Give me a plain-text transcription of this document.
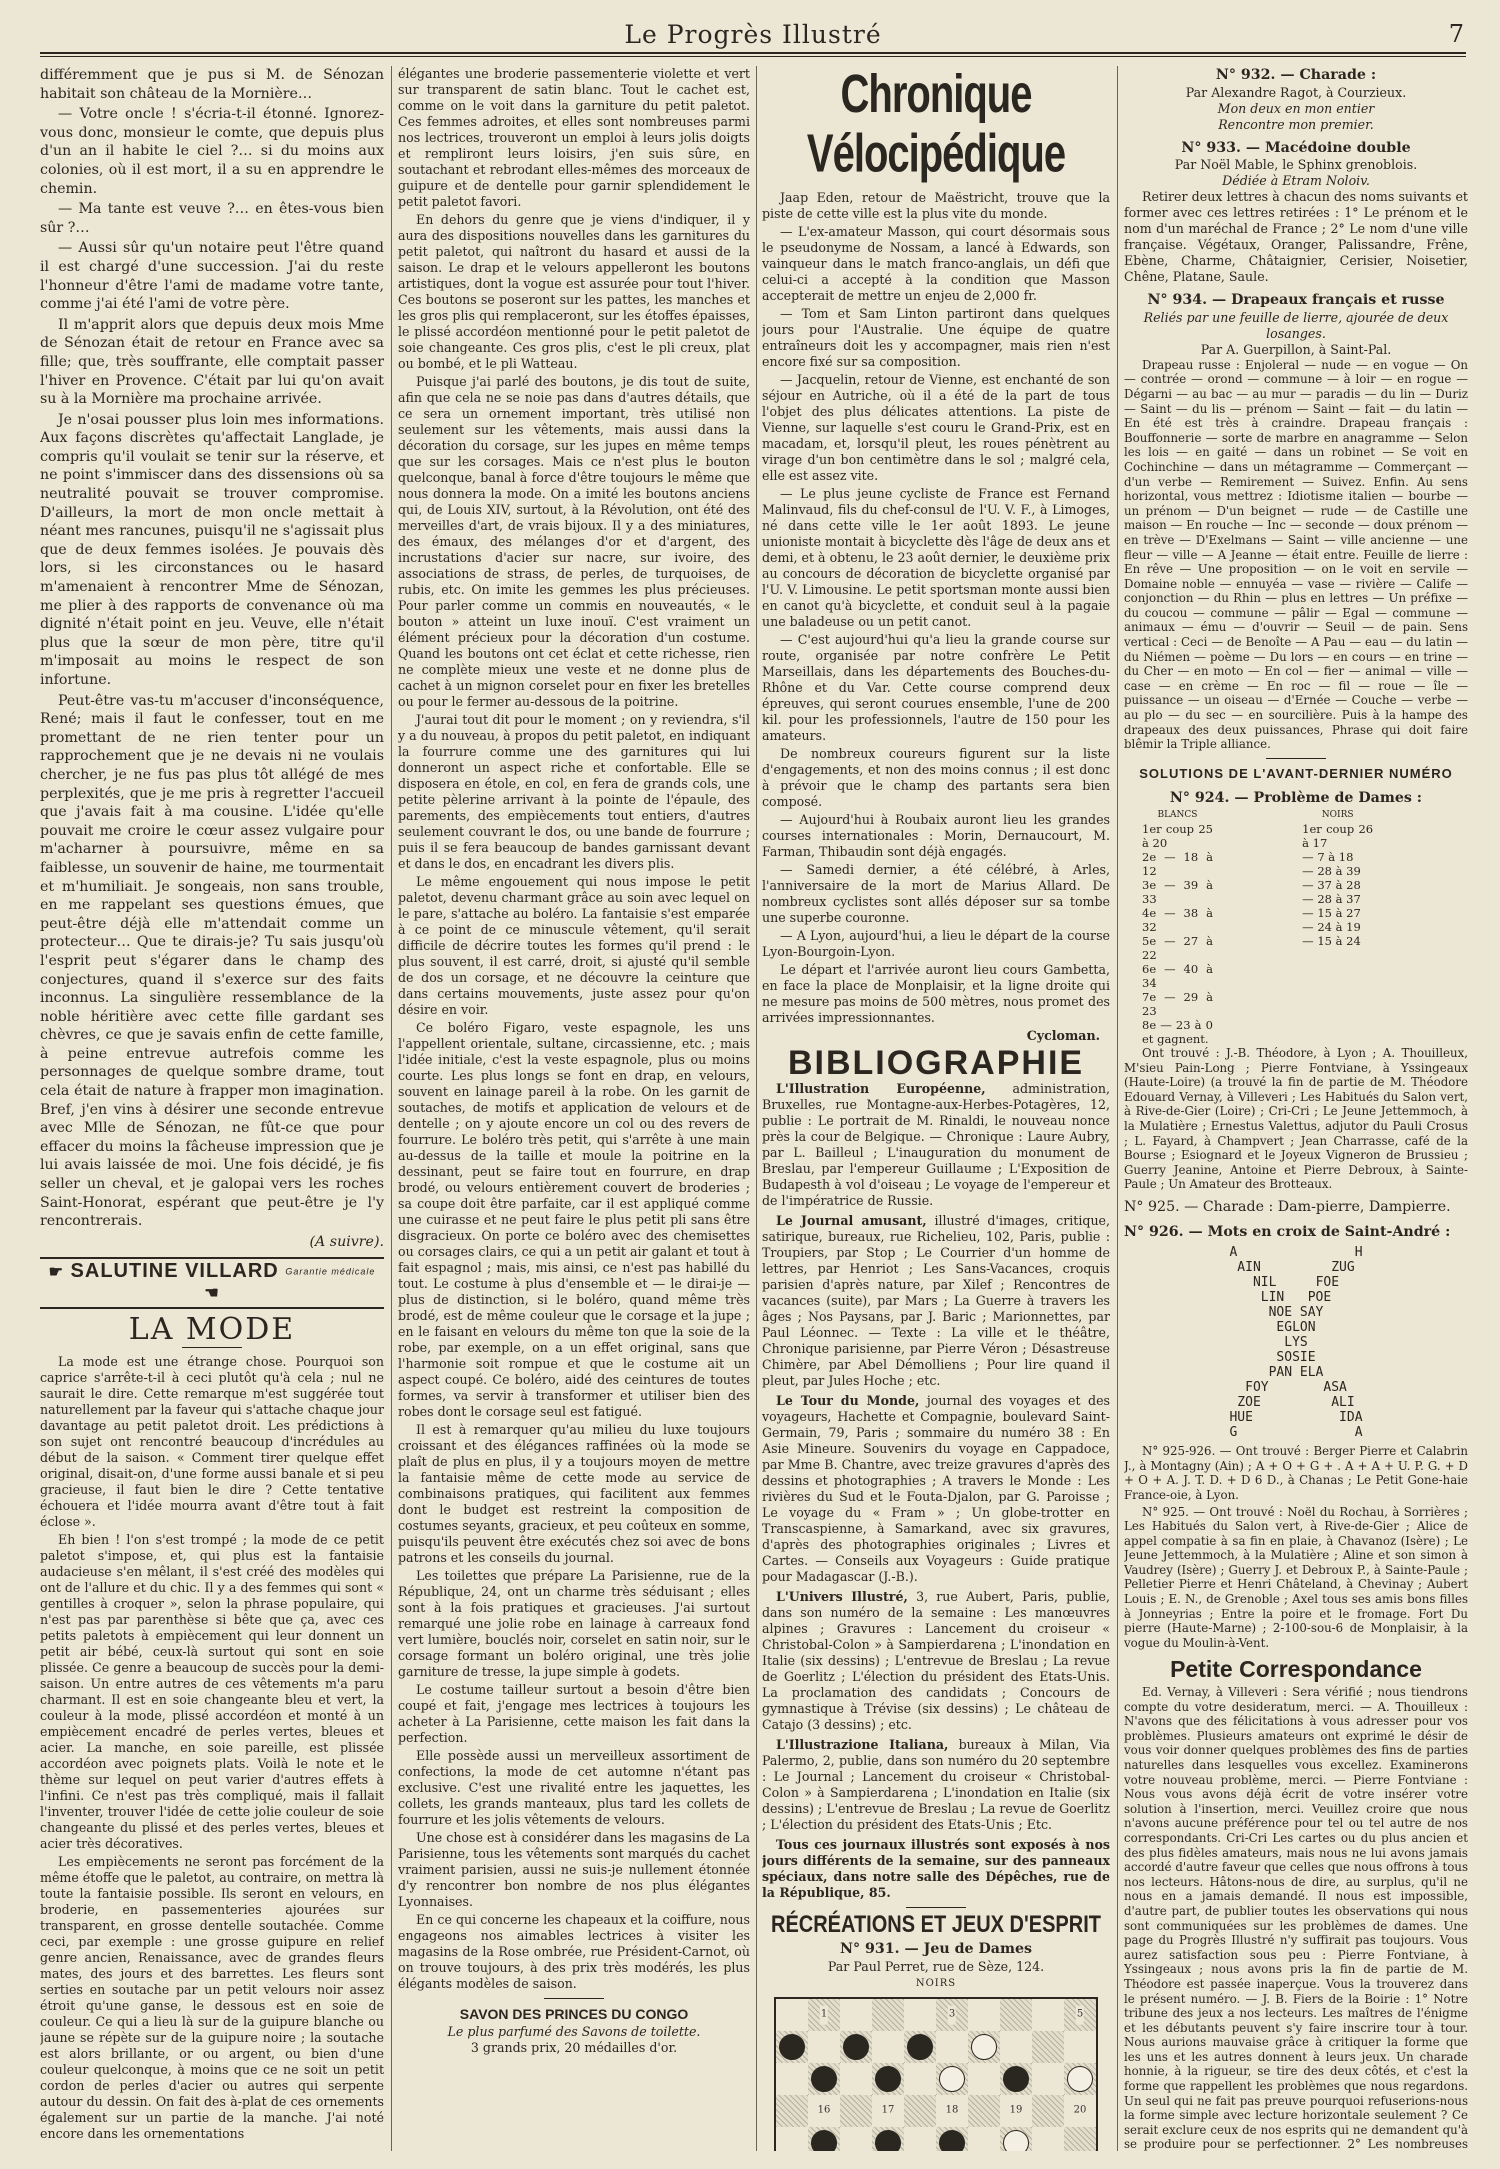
Le Progrès Illustré	7

différemment que je pus si M. de Sénozan habitait son château de la Mornière…

— Votre oncle ! s'écria-t-il étonné. Ignorez-vous donc, monsieur le comte, que depuis plus d'un an il habite le ciel ?… si du moins aux colonies, où il est mort, il a su en apprendre le chemin.

— Ma tante est veuve ?… en êtes-vous bien sûr ?…

— Aussi sûr qu'un notaire peut l'être quand il est chargé d'une succession. J'ai du reste l'honneur d'être l'ami de madame votre tante, comme j'ai été l'ami de votre père.

Il m'apprit alors que depuis deux mois Mme de Sénozan était de retour en France avec sa fille; que, très souffrante, elle comptait passer l'hiver en Provence. C'était par lui qu'on avait su à la Mornière ma prochaine arrivée.

Je n'osai pousser plus loin mes informations. Aux façons discrètes qu'affectait Langlade, je compris qu'il voulait se tenir sur la réserve, et ne point s'immiscer dans des dissensions où sa neutralité pouvait se trouver compromise. D'ailleurs, la mort de mon oncle mettait à néant mes rancunes, puisqu'il ne s'agissait plus que de deux femmes isolées. Je pouvais dès lors, si les circonstances ou le hasard m'amenaient à rencontrer Mme de Sénozan, me plier à des rapports de convenance où ma dignité n'était point en jeu. Veuve, elle n'était plus que la sœur de mon père, titre qu'il m'imposait au moins le respect de son infortune.

Peut-être vas-tu m'accuser d'inconséquence, René; mais il faut le confesser, tout en me promettant de ne rien tenter pour un rapprochement que je ne devais ni ne voulais chercher, je ne fus pas plus tôt allégé de mes perplexités, que je me pris à regretter l'accueil que j'avais fait à ma cousine. L'idée qu'elle pouvait me croire le cœur assez vulgaire pour m'acharner à poursuivre, même en sa faiblesse, un souvenir de haine, me tourmentait et m'humiliait. Je songeais, non sans trouble, en me rappelant ses questions émues, que peut-être déjà elle m'attendait comme un protecteur… Que te dirais-je? Tu sais jusqu'où l'esprit peut s'égarer dans le champ des conjectures, quand il s'exerce sur des faits inconnus. La singulière ressemblance de la noble héritière avec cette fille gardant ses chèvres, ce que je savais enfin de cette famille, à peine entrevue autrefois comme les personnages de quelque sombre drame, tout cela était de nature à frapper mon imagination. Bref, j'en vins à désirer une seconde entrevue avec Mlle de Sénozan, ne fût-ce que pour effacer du moins la fâcheuse impression que je lui avais laissée de moi. Une fois décidé, je fis seller un cheval, et je galopai vers les roches Saint-Honorat, espérant que peut-être je l'y rencontrerais.

(A suivre).
☛ SALUTINE VILLARD Garantie médicale ☚
LA MODE

La mode est une étrange chose. Pourquoi son caprice s'arrête-t-il à ceci plutôt qu'à cela ; nul ne saurait le dire. Cette remarque m'est suggérée tout naturellement par la faveur qui s'attache chaque jour davantage au petit paletot droit. Les prédictions à son sujet ont rencontré beaucoup d'incrédules au début de la saison. « Comment tirer quelque effet original, disait-on, d'une forme aussi banale et si peu gracieuse, il faut bien le dire ? Cette tentative échouera et l'idée mourra avant d'être tout à fait éclose ».

Eh bien ! l'on s'est trompé ; la mode de ce petit paletot s'impose, et, qui plus est la fantaisie audacieuse s'en mêlant, il s'est créé des modèles qui ont de l'allure et du chic. Il y a des femmes qui sont « gentilles à croquer », selon la phrase populaire, qui n'est pas par parenthèse si bête que ça, avec ces petits paletots à empiècement qui leur donnent un petit air bébé, ceux-là surtout qui sont en soie plissée. Ce genre a beaucoup de succès pour la demi-saison. Un entre autres de ces vêtements m'a paru charmant. Il est en soie changeante bleu et vert, la couleur à la mode, plissé accordéon et monté à un empiècement encadré de perles vertes, bleues et acier. La manche, en soie pareille, est plissée accordéon avec poignets plats. Voilà le note et le thème sur lequel on peut varier d'autres effets à l'infini. Ce n'est pas très compliqué, mais il fallait l'inventer, trouver l'idée de cette jolie couleur de soie changeante du plissé et des perles vertes, bleues et acier très décoratives.

Les empiècements ne seront pas forcément de la même étoffe que le paletot, au contraire, on mettra là toute la fantaisie possible. Ils seront en velours, en broderie, en passementeries ajourées sur transparent, en grosse dentelle soutachée. Comme ceci, par exemple : une grosse guipure en relief genre ancien, Renaissance, avec de grandes fleurs mates, des jours et des barrettes. Les fleurs sont serties en soutache par un petit velours noir assez étroit qu'une ganse, le dessous est en soie de couleur. Ce qui a lieu là sur de la guipure blanche ou jaune se répète sur de la guipure noire ; la soutache est alors brillante, or ou argent, ou bien d'une couleur quelconque, à moins que ce ne soit un petit cordon de perles d'acier ou autres qui serpente autour du dessin. On fait des à-plat de ces ornements également sur un partie de la manche. J'ai noté encore dans les ornementations

élégantes une broderie passementerie violette et vert sur transparent de satin blanc. Tout le cachet est, comme on le voit dans la garniture du petit paletot. Ces femmes adroites, et elles sont nombreuses parmi nos lectrices, trouveront un emploi à leurs jolis doigts et rempliront leurs loisirs, j'en suis sûre, en soutachant et rebrodant elles-mêmes des morceaux de guipure et de dentelle pour garnir splendidement le petit paletot favori.

En dehors du genre que je viens d'indiquer, il y aura des dispositions nouvelles dans les garnitures du petit paletot, qui naîtront du hasard et aussi de la saison. Le drap et le velours appelleront les boutons artistiques, dont la vogue est assurée pour tout l'hiver. Ces boutons se poseront sur les pattes, les manches et les gros plis qui remplaceront, sur les étoffes épaisses, le plissé accordéon mentionné pour le petit paletot de soie changeante. Ces gros plis, c'est le pli creux, plat ou bombé, et le pli Watteau.

Puisque j'ai parlé des boutons, je dis tout de suite, afin que cela ne se noie pas dans d'autres détails, que ce sera un ornement important, très utilisé non seulement sur les vêtements, mais aussi dans la décoration du corsage, sur les jupes en même temps que sur les corsages. Mais ce n'est plus le bouton quelconque, banal à force d'être toujours le même que nous donnera la mode. On a imité les boutons anciens qui, de Louis XIV, surtout, à la Révolution, ont été des merveilles d'art, de vrais bijoux. Il y a des miniatures, des émaux, des mélanges d'or et d'argent, des incrustations d'acier sur nacre, sur ivoire, des associations de strass, de perles, de turquoises, de rubis, etc. On imite les gemmes les plus précieuses. Pour parler comme un commis en nouveautés, « le bouton » atteint un luxe inouï. C'est vraiment un élément précieux pour la décoration d'un costume. Quand les boutons ont cet éclat et cette richesse, rien ne complète mieux une veste et ne donne plus de cachet à un mignon corselet pour en fixer les bretelles ou pour le fermer au-dessous de la poitrine.

J'aurai tout dit pour le moment ; on y reviendra, s'il y a du nouveau, à propos du petit paletot, en indiquant la fourrure comme une des garnitures qui lui donneront un aspect riche et confortable. Elle se disposera en étole, en col, en fera de grands cols, une petite pèlerine arrivant à la pointe de l'épaule, des parements, des empiècements tout entiers, d'autres seulement couvrant le dos, ou une bande de fourrure ; puis il se fera beaucoup de bandes garnissant devant et dans le dos, en encadrant les divers plis.

Le même engouement qui nous impose le petit paletot, devenu charmant grâce au soin avec lequel on le pare, s'attache au boléro. La fantaisie s'est emparée à ce point de ce minuscule vêtement, qu'il serait difficile de décrire toutes les formes qu'il prend : le plus souvent, il est carré, droit, si ajusté qu'il semble de dos un corsage, et ne découvre la ceinture que dans certains mouvements, juste assez pour qu'on désire en voir.

Ce boléro Figaro, veste espagnole, les uns l'appellent orientale, sultane, circassienne, etc. ; mais l'idée initiale, c'est la veste espagnole, plus ou moins courte. Les plus longs se font en drap, en velours, souvent en lainage pareil à la robe. On les garnit de soutaches, de motifs et application de velours et de dentelle ; on y ajoute encore un col ou des revers de fourrure. Le boléro très petit, qui s'arrête à une main au-dessus de la taille et moule la poitrine en la dessinant, peut se faire tout en fourrure, en drap brodé, ou velours entièrement couvert de broderies ; sa coupe doit être parfaite, car il est appliqué comme une cuirasse et ne peut faire le plus petit pli sans être disgracieux. On porte ce boléro avec des chemisettes ou corsages clairs, ce qui a un petit air galant et tout à fait espagnol ; mais, mis ainsi, ce n'est pas habillé du tout. Le costume à plus d'ensemble et — le dirai-je — plus de distinction, si le boléro, quand même très brodé, est de même couleur que le corsage et la jupe ; en le faisant en velours du même ton que la soie de la robe, par exemple, on a un effet original, sans que l'harmonie soit rompue et que le costume ait un aspect coupé. Ce boléro, aidé des ceintures de toutes formes, va servir à transformer et utiliser bien des robes dont le corsage seul est fatigué.

Il est à remarquer qu'au milieu du luxe toujours croissant et des élégances raffinées où la mode se plaît de plus en plus, il y a toujours moyen de mettre la fantaisie même de cette mode au service de combinaisons pratiques, qui facilitent aux femmes dont le budget est restreint la composition de costumes seyants, gracieux, et peu coûteux en somme, puisqu'ils peuvent être exécutés chez soi avec de bons patrons et les conseils du journal.

Les toilettes que prépare La Parisienne, rue de la République, 24, ont un charme très séduisant ; elles sont à la fois pratiques et gracieuses. J'ai surtout remarqué une jolie robe en lainage à carreaux fond vert lumière, bouclés noir, corselet en satin noir, sur le corsage formant un boléro original, une très jolie garniture de tresse, la jupe simple à godets.

Le costume tailleur surtout a besoin d'être bien coupé et fait, j'engage mes lectrices à toujours les acheter à La Parisienne, cette maison les fait dans la perfection.

Elle possède aussi un merveilleux assortiment de confections, la mode de cet automne n'étant pas exclusive. C'est une rivalité entre les jaquettes, les collets, les grands manteaux, plus tard les collets de fourrure et les jolis vêtements de velours.

Une chose est à considérer dans les magasins de La Parisienne, tous les vêtements sont marqués du cachet vraiment parisien, aussi ne suis-je nullement étonnée d'y rencontrer bon nombre de nos plus élégantes Lyonnaises.

En ce qui concerne les chapeaux et la coiffure, nous engageons nos aimables lectrices à visiter les magasins de la Rose ombrée, rue Président-Carnot, où on trouve toujours, à des prix très modérés, les plus élégants modèles de saison.

SAVON DES PRINCES DU CONGO
Le plus parfumé des Savons de toilette.
3 grands prix, 20 médailles d'or.
Chronique Vélocipédique

Jaap Eden, retour de Maëstricht, trouve que la piste de cette ville est la plus vite du monde.

— L'ex-amateur Masson, qui court désormais sous le pseudonyme de Nossam, a lancé à Edwards, son vainqueur dans le match franco-anglais, un défi que celui-ci a accepté à la condition que Masson accepterait de mettre un enjeu de 2,000 fr.

— Tom et Sam Linton partiront dans quelques jours pour l'Australie. Une équipe de quatre entraîneurs doit les y accompagner, mais rien n'est encore fixé sur sa composition.

— Jacquelin, retour de Vienne, est enchanté de son séjour en Autriche, où il a été de la part de tous l'objet des plus délicates attentions. La piste de Vienne, sur laquelle s'est couru le Grand-Prix, est en macadam, et, lorsqu'il pleut, les roues pénètrent au virage d'un bon centimètre dans le sol ; malgré cela, elle est assez vite.

— Le plus jeune cycliste de France est Fernand Malinvaud, fils du chef-consul de l'U. V. F., à Limoges, né dans cette ville le 1er août 1893. Le jeune unioniste montait à bicyclette dès l'âge de deux ans et demi, et à obtenu, le 23 août dernier, le deuxième prix au concours de décoration de bicyclette organisé par l'U. V. Limousine. Le petit sportsman monte aussi bien en canot qu'à bicyclette, et conduit seul à la pagaie une baladeuse ou un petit canot.

— C'est aujourd'hui qu'a lieu la grande course sur route, organisée par notre confrère Le Petit Marseillais, dans les départements des Bouches-du-Rhône et du Var. Cette course comprend deux épreuves, qui seront courues ensemble, l'une de 200 kil. pour les professionnels, l'autre de 150 pour les amateurs.

De nombreux coureurs figurent sur la liste d'engagements, et non des moins connus ; il est donc à prévoir que le champ des partants sera bien composé.

— Aujourd'hui à Roubaix auront lieu les grandes courses internationales : Morin, Dernaucourt, M. Farman, Thibaudin sont déjà engagés.

— Samedi dernier, a été célébré, à Arles, l'anniversaire de la mort de Marius Allard. De nombreux cyclistes sont allés déposer sur sa tombe une superbe couronne.

— A Lyon, aujourd'hui, a lieu le départ de la course Lyon-Bourgoin-Lyon.

Le départ et l'arrivée auront lieu cours Gambetta, en face la place de Monplaisir, et la ligne droite qui ne mesure pas moins de 500 mètres, nous promet des arrivées impressionnantes.

Cycloman.
BIBLIOGRAPHIE
L'Illustration Européenne, administration, Bruxelles, rue Montagne-aux-Herbes-Potagères, 12, publie : Le portrait de M. Rinaldi, le nouveau nonce près la cour de Belgique. — Chronique : Laure Aubry, par L. Bailleul ; L'inauguration du monument de Breslau, par l'empereur Guillaume ; L'Exposition de Budapesth à vol d'oiseau ; Le voyage de l'empereur et de l'impératrice de Russie.
Le Journal amusant, illustré d'images, critique, satirique, bureaux, rue Richelieu, 102, Paris, publie : Troupiers, par Stop ; Le Courrier d'un homme de lettres, par Henriot ; Les Sans-Vacances, croquis parisien d'après nature, par Xilef ; Rencontres de vacances (suite), par Mars ; La Guerre à travers les âges ; Nos Paysans, par J. Baric ; Marionnettes, par Paul Léonnec. — Texte : La ville et le théâtre, Chronique parisienne, par Pierre Véron ; Désastreuse Chimère, par Abel Démolliens ; Pour lire quand il pleut, par Jules Hoche ; etc.
Le Tour du Monde, journal des voyages et des voyageurs, Hachette et Compagnie, boulevard Saint-Germain, 79, Paris ; sommaire du numéro 38 : En Asie Mineure. Souvenirs du voyage en Cappadoce, par Mme B. Chantre, avec treize gravures d'après des dessins et photographies ; A travers le Monde : Les rivières du Sud et le Fouta-Djalon, par G. Paroisse ; Le voyage du « Fram » ; Un globe-trotter en Transcaspienne, à Samarkand, avec six gravures, d'après des photographies originales ; Livres et Cartes. — Conseils aux Voyageurs : Guide pratique pour Madagascar (J.-B.).
L'Univers Illustré, 3, rue Aubert, Paris, publie, dans son numéro de la semaine : Les manœuvres alpines ; Gravures : Lancement du croiseur « Christobal-Colon » à Sampierdarena ; L'inondation en Italie (six dessins) ; L'entrevue de Breslau ; La revue de Goerlitz ; L'élection du président des Etats-Unis. La proclamation des candidats ; Concours de gymnastique à Trévise (six dessins) ; Le château de Catajo (3 dessins) ; etc.
L'Illustrazione Italiana, bureaux à Milan, Via Palermo, 2, publie, dans son numéro du 20 septembre : Le Journal ; Lancement du croiseur « Christobal-Colon » à Sampierdarena ; L'inondation en Italie (six dessins) ; L'entrevue de Breslau ; La revue de Goerlitz ; L'élection du président des Etats-Unis ; Etc.
Tous ces journaux illustrés sont exposés à nos jours différents de la semaine, sur des panneaux spéciaux, dans notre salle des Dépêches, rue de la République, 85.
RÉCRÉATIONS ET JEUX D'ESPRIT
N° 931. — Jeu de Dames
Par Paul Perret, rue de Sèze, 124.
NOIRS
1	3	5
16	17	18	19	20
N° 932. — Charade :
Par Alexandre Ragot, à Courzieux.
Mon deux en mon entier
Rencontre mon premier.
N° 933. — Macédoine double
Par Noël Mable, le Sphinx grenoblois.
Dédiée à Etram Noloiv.

Retirer deux lettres à chacun des noms suivants et former avec ces lettres retirées : 1° Le prénom et le nom d'un maréchal de France ; 2° Le nom d'une ville française. Végétaux, Oranger, Palissandre, Frêne, Ebène, Charme, Châtaignier, Cerisier, Noisetier, Chêne, Platane, Saule.

N° 934. — Drapeaux français et russe
Reliés par une feuille de lierre, ajourée de deux losanges.
Par A. Guerpillon, à Saint-Pal.

Drapeau russe : Enjoleral — nude — en vogue — On — contrée — orond — commune — à loir — en rogue — Dégarni — au bac — au mur — paradis — du lin — Duriz — Saint — du lis — prénom — Saint — fait — du latin — En été est très à craindre. Drapeau français : Bouffonnerie — sorte de marbre en anagramme — Selon les lois — en gaité — dans un robinet — Se voit en Cochinchine — dans un métagramme — Commerçant — d'un verbe — Remirement — Suivez. Enfin. Au sens horizontal, vous mettrez : Idiotisme italien — bourbe — un prénom — D'un beignet — rude — de Castille une maison — En rouche — Inc — seconde — doux prénom — en trève — D'Exelmans — Saint — ville ancienne — une fleur — ville — A Jeanne — était entre. Feuille de lierre : En rêve — Une proposition — on le voit en servile — Domaine noble — ennuyéa — vase — rivière — Calife — conjonction — du Rhin — plus en lettres — Un préfixe — du coucou — commune — pâlir — Egal — commune — animaux — ému — d'ouvrir — Seuil — de pain. Sens vertical : Ceci — de Benoîte — A Pau — eau — du latin — du Niémen — poème — Du lors — en cours — en trine — du Cher — en moto — En col — fier — animal — ville — case — en crème — En roc — fil — roue — île — puissance — un oiseau — d'Ernée — Couche — verbe — au plo — du sec — en sourcilière. Puis à la hampe des drapeaux des deux puissances, Phrase qui doit faire blêmir la Triple alliance.

SOLUTIONS DE L'AVANT-DERNIER NUMÉRO
N° 924. — Problème de Dames :
BLANCS
1er coup 25 à 20
2e — 18 à 12
3e — 39 à 33
4e — 38 à 32
5e — 27 à 22
6e — 40 à 34
7e — 29 à 23
8e — 23 à 0 et gagnent.
NOIRS
1er coup 26 à 17
— 7 à 18
— 28 à 39
— 37 à 28
— 28 à 37
— 15 à 27
— 24 à 19
— 15 à 24

Ont trouvé : J.-B. Théodore, à Lyon ; A. Thouilleux, M'sieu Pain-Long ; Pierre Fontviane, à Yssingeaux (Haute-Loire) (a trouvé la fin de partie de M. Théodore Edouard Vernay, à Villeveri ; Les Habitués du Salon vert, à Rive-de-Gier (Loire) ; Cri-Cri ; Le Jeune Jettemmoch, à la Mulatière ; Ernestus Valettus, adjutor du Pauli Crosus ; L. Fayard, à Champvert ; Jean Charrasse, café de la Bourse ; Esiognard et le Joyeux Vigneron de Brussieu ; Guerry Jeanine, Antoine et Pierre Debroux, à Sainte-Paule ; Un Amateur des Brotteaux.

N° 925. — Charade : Dam-pierre, Dampierre.
N° 926. — Mots en croix de Saint-André :
A               H
AIN         ZUG
NIL     FOE
LIN   POE
NOE SAY
EGLON
LYS
SOSIE
PAN ELA
FOY       ASA
ZOE         ALI
HUE           IDA
G               A

N° 925-926. — Ont trouvé : Berger Pierre et Calabrin J., à Montagny (Ain) ; A + O + G + . A + A + U. P. G. + D + O + A. J. T. D. + D 6 D., à Chanas ; Le Petit Gone-haie France-oie, à Lyon.

N° 925. — Ont trouvé : Noël du Rochau, à Sorrières ; Les Habitués du Salon vert, à Rive-de-Gier ; Alice de appel compatie à sa fin en plaie, à Chavanoz (Isère) ; Le Jeune Jettemmoch, à la Mulatière ; Aline et son simon à Vaudrey (Isère) ; Guerry J. et Debroux P., à Sainte-Paule ; Pelletier Pierre et Henri Châteland, à Chevinay ; Aubert Louis ; E. N., de Grenoble ; Axel tous ses amis bons filles à Jonneyrias ; Entre la poire et le fromage. Fort Du pierre (Haute-Marne) ; 2-100-sou-6 de Monplaisir, à la vogue du Moulin-à-Vent.

Petite Correspondance

Ed. Vernay, à Villeveri : Sera vérifié ; nous tiendrons compte du votre desideratum, merci. — A. Thouilleux : N'avons que des félicitations à vous adresser pour vos problèmes. Plusieurs amateurs ont exprimé le désir de vous voir donner quelques problèmes des fins de parties naturelles dans lesquelles vous excellez. Examinerons votre nouveau problème, merci. — Pierre Fontviane : Nous vous avons déjà écrit de votre insérer votre solution à l'insertion, merci. Veuillez croire que nous n'avons aucune préférence pour tel ou tel autre de nos correspondants. Cri-Cri Les cartes ou du plus ancien et des plus fidèles amateurs, mais nous ne lui avons jamais accordé d'autre faveur que celles que nous offrons à tous nos lecteurs. Hâtons-nous de dire, au surplus, qu'il ne nous en a jamais demandé. Il nous est impossible, d'autre part, de publier toutes les observations qui nous sont communiquées sur les problèmes de dames. Une page du Progrès Illustré n'y suffirait pas toujours. Vous aurez satisfaction sous peu : Pierre Fontviane, à Yssingeaux ; nous avons pris la fin de partie de M. Théodore est passée inaperçue. Vous la trouverez dans le présent numéro. — J. B. Fiers de la Boirie : 1° Notre tribune des jeux a nos lecteurs. Les maîtres de l'énigme et les débutants peuvent s'y faire inscrire tour à tour. Nous aurions mauvaise grâce à critiquer la forme que les uns et les autres donnent à leurs jeux. Un charade honnie, à la rigueur, se tire des deux côtés, et c'est la forme que rappellent les problèmes que nous regardons. Un seul qui ne fait pas preuve pourquoi refuserions-nous la forme simple avec lecture horizontale seulement ? Ce serait exclure ceux de nos esprits qui ne demandent qu'à se produire pour se perfectionner. 2° Les nombreuses
